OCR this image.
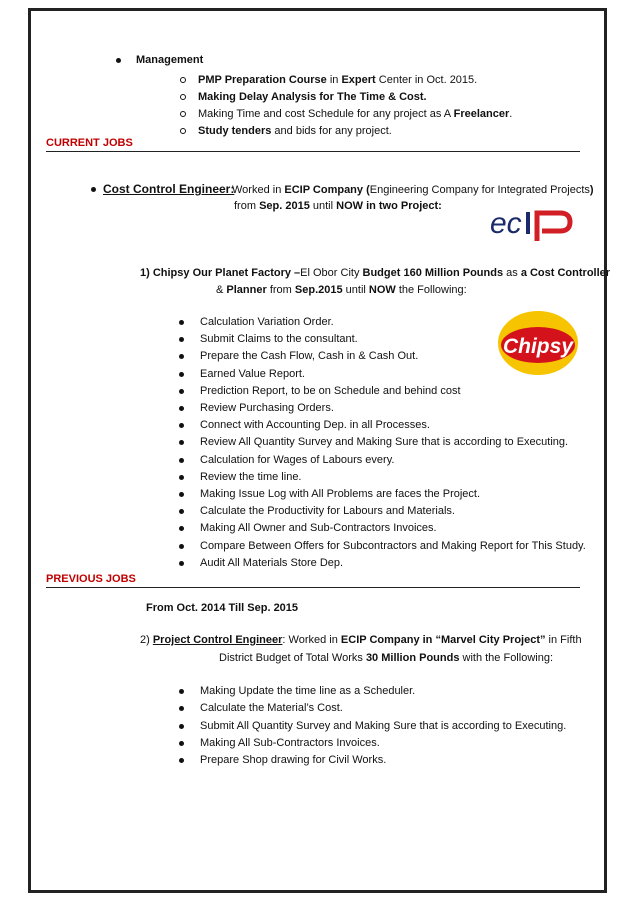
Management
PMP Preparation Course in Expert Center in Oct. 2015.
Making Delay Analysis for The Time & Cost.
Making Time and cost Schedule for any project as A Freelancer.
Study tenders and bids for any project.
CURRENT JOBS
Cost Control Engineer:
Worked in ECIP Company (Engineering Company for Integrated Projects)
from Sep. 2015 until NOW in two Project:
ec
1) Chipsy Our Planet Factory –El Obor City Budget 160 Million Pounds as a Cost Controller
& Planner from Sep.2015 until NOW the Following:
Chipsy
Calculation Variation Order.
Submit Claims to the consultant.
Prepare the Cash Flow, Cash in & Cash Out.
Earned Value Report.
Prediction Report, to be on Schedule and behind cost
Review Purchasing Orders.
Connect with Accounting Dep. in all Processes.
Review All Quantity Survey and Making Sure that is according to Executing.
Calculation for Wages of Labours every.
Review the time line.
Making Issue Log with All Problems are faces the Project.
Calculate the Productivity for Labours and Materials.
Making All Owner and Sub-Contractors Invoices.
Compare Between Offers for Subcontractors and Making Report for This Study.
Audit All Materials Store Dep.
PREVIOUS JOBS
From Oct. 2014 Till Sep. 2015
2) Project Control Engineer: Worked in ECIP Company in “Marvel City Project” in Fifth
District Budget of Total Works 30 Million Pounds with the Following:
Making Update the time line as a Scheduler.
Calculate the Material’s Cost.
Submit All Quantity Survey and Making Sure that is according to Executing.
Making All Sub-Contractors Invoices.
Prepare Shop drawing for Civil Works.
